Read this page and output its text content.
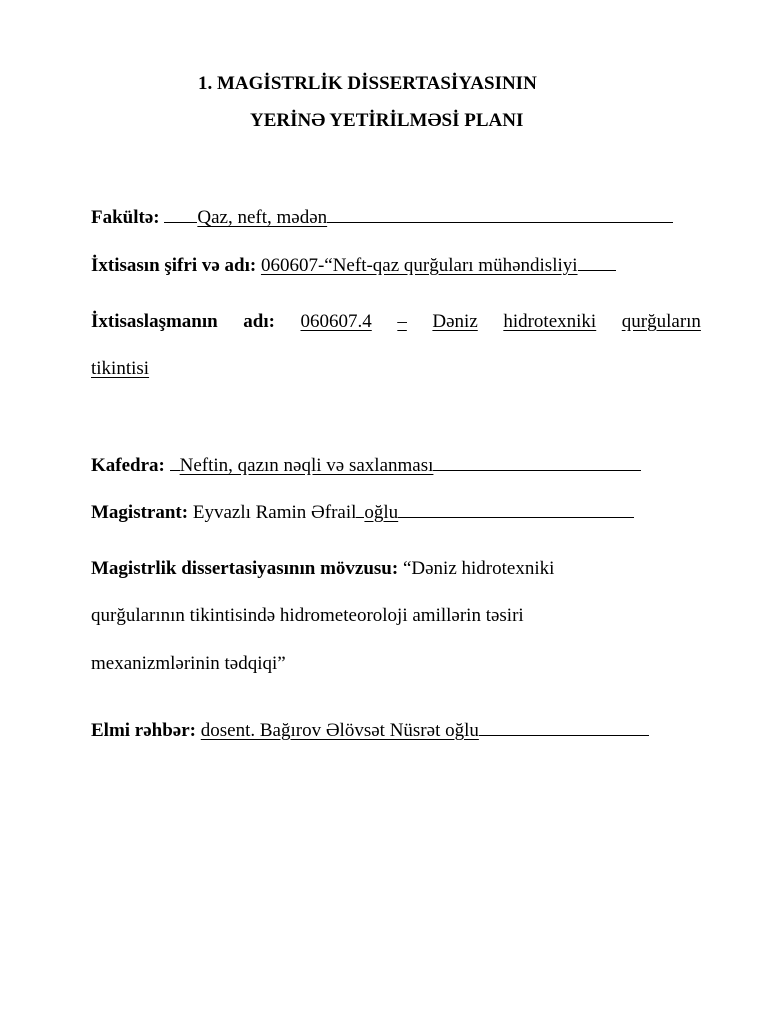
1. MAGİSTRLİK DİSSERTASİYASININ
YERİNƏ YETİRİLMƏSİ PLANI
Fakültə: Qaz, neft, mədən
İxtisasın şifri və adı: 060607-“Neft-qaz qurğuları mühəndisliyi
İxtisaslaşmanın adı: 060607.4 – Dəniz hidrotexniki qurğuların
tikintisi
Kafedra: Neftin, qazın nəqli və saxlanması
Magistrant: Eyvazlı Ramin Əfrail oğlu
Magistrlik dissertasiyasının mövzusu: “Dəniz hidrotexniki
qurğularının tikintisində hidrometeoroloji amillərin təsiri
mexanizmlərinin tədqiqi”
Elmi rəhbər: dosent. Bağırov Əlövsət Nüsrət oğlu
